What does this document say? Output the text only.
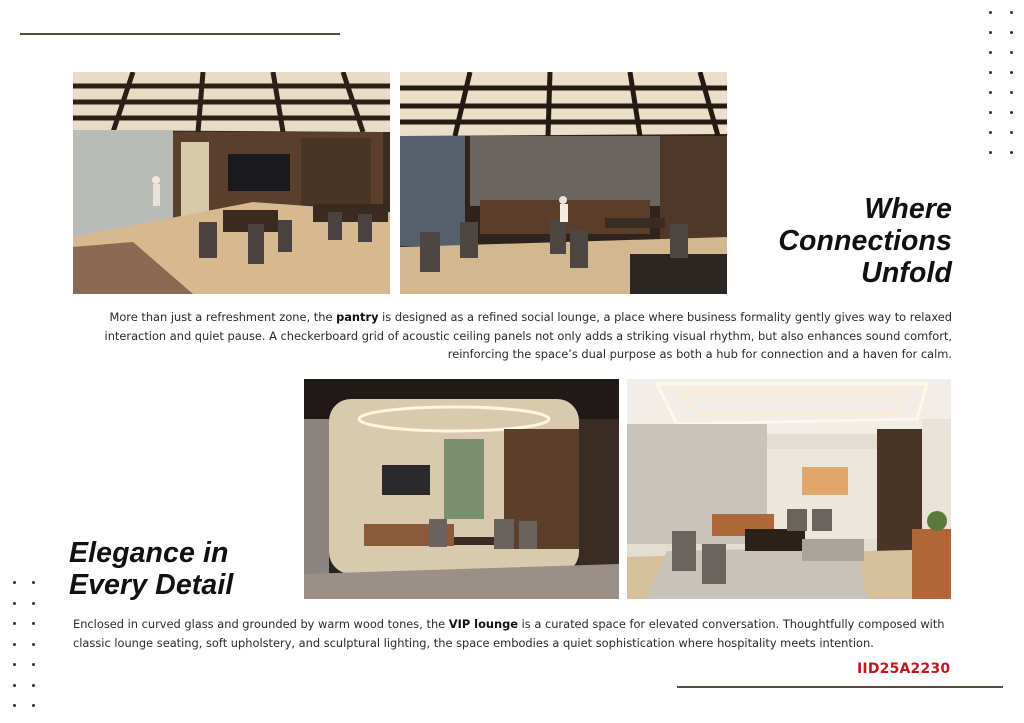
Where
Connections
Unfold

More than just a refreshment zone, the pantry is designed as a refined social lounge, a place where business formality gently gives way to relaxed interaction and quiet pause. A checkerboard grid of acoustic ceiling panels not only adds a striking visual rhythm, but also enhances sound comfort, reinforcing the space’s dual purpose as both a hub for connection and a haven for calm.

Elegance in
Every Detail

Enclosed in curved glass and grounded by warm wood tones, the VIP lounge is a curated space for elevated conversation. Thoughtfully composed with classic lounge seating, soft upholstery, and sculptural lighting, the space embodies a quiet sophistication where hospitality meets intention.

IID25A2230
